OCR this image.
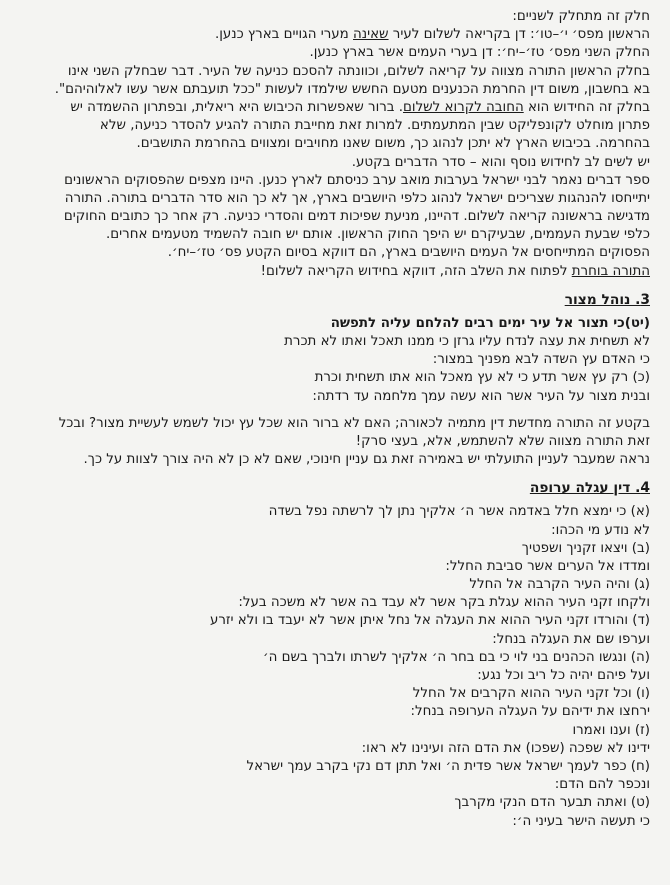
חלק זה מתחלק לשניים:
הראשון מפס׳ י׳–טו׳: דן בקריאה לשלום לעיר שאינה מערי הגויים בארץ כנען.
החלק השני מפס׳ טז׳–יח׳: דן בערי העמים אשר בארץ כנען.
בחלק הראשון התורה מצווה על קריאה לשלום, וכוונתה להסכם כניעה של העיר. דבר שבחלק השני אינו
בא בחשבון, משום דין החרמת הכנענים מטעם החשש שילמדו לעשות "ככל תועבתם אשר עשו לאלוהיהם".
בחלק זה החידוש הוא החובה לקרוא לשלום. ברור שאפשרות הכיבוש היא ריאלית, ובפתרון ההשמדה יש
פתרון מוחלט לקונפליקט שבין המתעמתים. למרות זאת מחייבת התורה להגיע להסדר כניעה, שלא
בהחרמה. בכיבוש הארץ לא יתכן לנהוג כך, משום שאנו מחויבים ומצווים בהחרמת התושבים.
יש לשים לב לחידוש נוסף והוא – סדר הדברים בקטע.
ספר דברים נאמר לבני ישראל בערבות מואב ערב כניסתם לארץ כנען. היינו מצפים שהפסוקים הראשונים
יתייחסו להנהגות שצריכים ישראל לנהוג כלפי היושבים בארץ, אך לא כך הוא סדר הדברים בתורה. התורה
מדגישה בראשונה קריאה לשלום. דהיינו, מניעת שפיכות דמים והסדרי כניעה. רק אחר כך כתובים החוקים
כלפי שבעת העממים, שבעיקרם יש היפך החוק הראשון. אותם יש חובה להשמיד מטעמים אחרים.
הפסוקים המתייחסים אל העמים היושבים בארץ, הם דווקא בסיום הקטע פס׳ טז׳–יח׳.
התורה בוחרת לפתוח את השלב הזה, דווקא בחידוש הקריאה לשלום!
3. נוהל מצור
(יט)כי תצור אל עיר ימים רבים להלחם עליה לתפשה
לא תשחית את עצה לנדח עליו גרזן כי ממנו תאכל ואתו לא תכרת
כי האדם עץ השדה לבא מפניך במצור:
(כ) רק עץ אשר תדע כי לא עץ מאכל הוא אתו תשחית וכרת
ובנית מצור על העיר אשר הוא עשה עמך מלחמה עד רדתה:
בקטע זה התורה מחדשת דין מתמיה לכאורה; האם לא ברור הוא שכל עץ יכול לשמש לעשיית מצור? ובכל
זאת התורה מצווה שלא להשתמש, אלא, בעצי סרק!
נראה שמעבר לעניין התועלתי יש באמירה זאת גם עניין חינוכי, שאם לא כן לא היה צורך לצוות על כך.
4. דין עגלה ערופה
(א) כי ימצא חלל באדמה אשר ה׳ אלקיך נתן לך לרשתה נפל בשדה
לא נודע מי הכהו:
(ב) ויצאו זקניך ושפטיך
ומדדו אל הערים אשר סביבת החלל:
(ג) והיה העיר הקרבה אל החלל
ולקחו זקני העיר ההוא עגלת בקר אשר לא עבד בה אשר לא משכה בעל:
(ד) והורדו זקני העיר ההוא את העגלה אל נחל איתן אשר לא יעבד בו ולא יזרע
וערפו שם את העגלה בנחל:
(ה) ונגשו הכהנים בני לוי כי בם בחר ה׳ אלקיך לשרתו ולברך בשם ה׳
ועל פיהם יהיה כל ריב וכל נגע:
(ו) וכל זקני העיר ההוא הקרבים אל החלל
ירחצו את ידיהם על העגלה הערופה בנחל:
(ז) וענו ואמרו
ידינו לא שפכה (שפכו) את הדם הזה ועינינו לא ראו:
(ח) כפר לעמך ישראל אשר פדית ה׳ ואל תתן דם נקי בקרב עמך ישראל
ונכפר להם הדם:
(ט) ואתה תבער הדם הנקי מקרבך
כי תעשה הישר בעיני ה׳:
